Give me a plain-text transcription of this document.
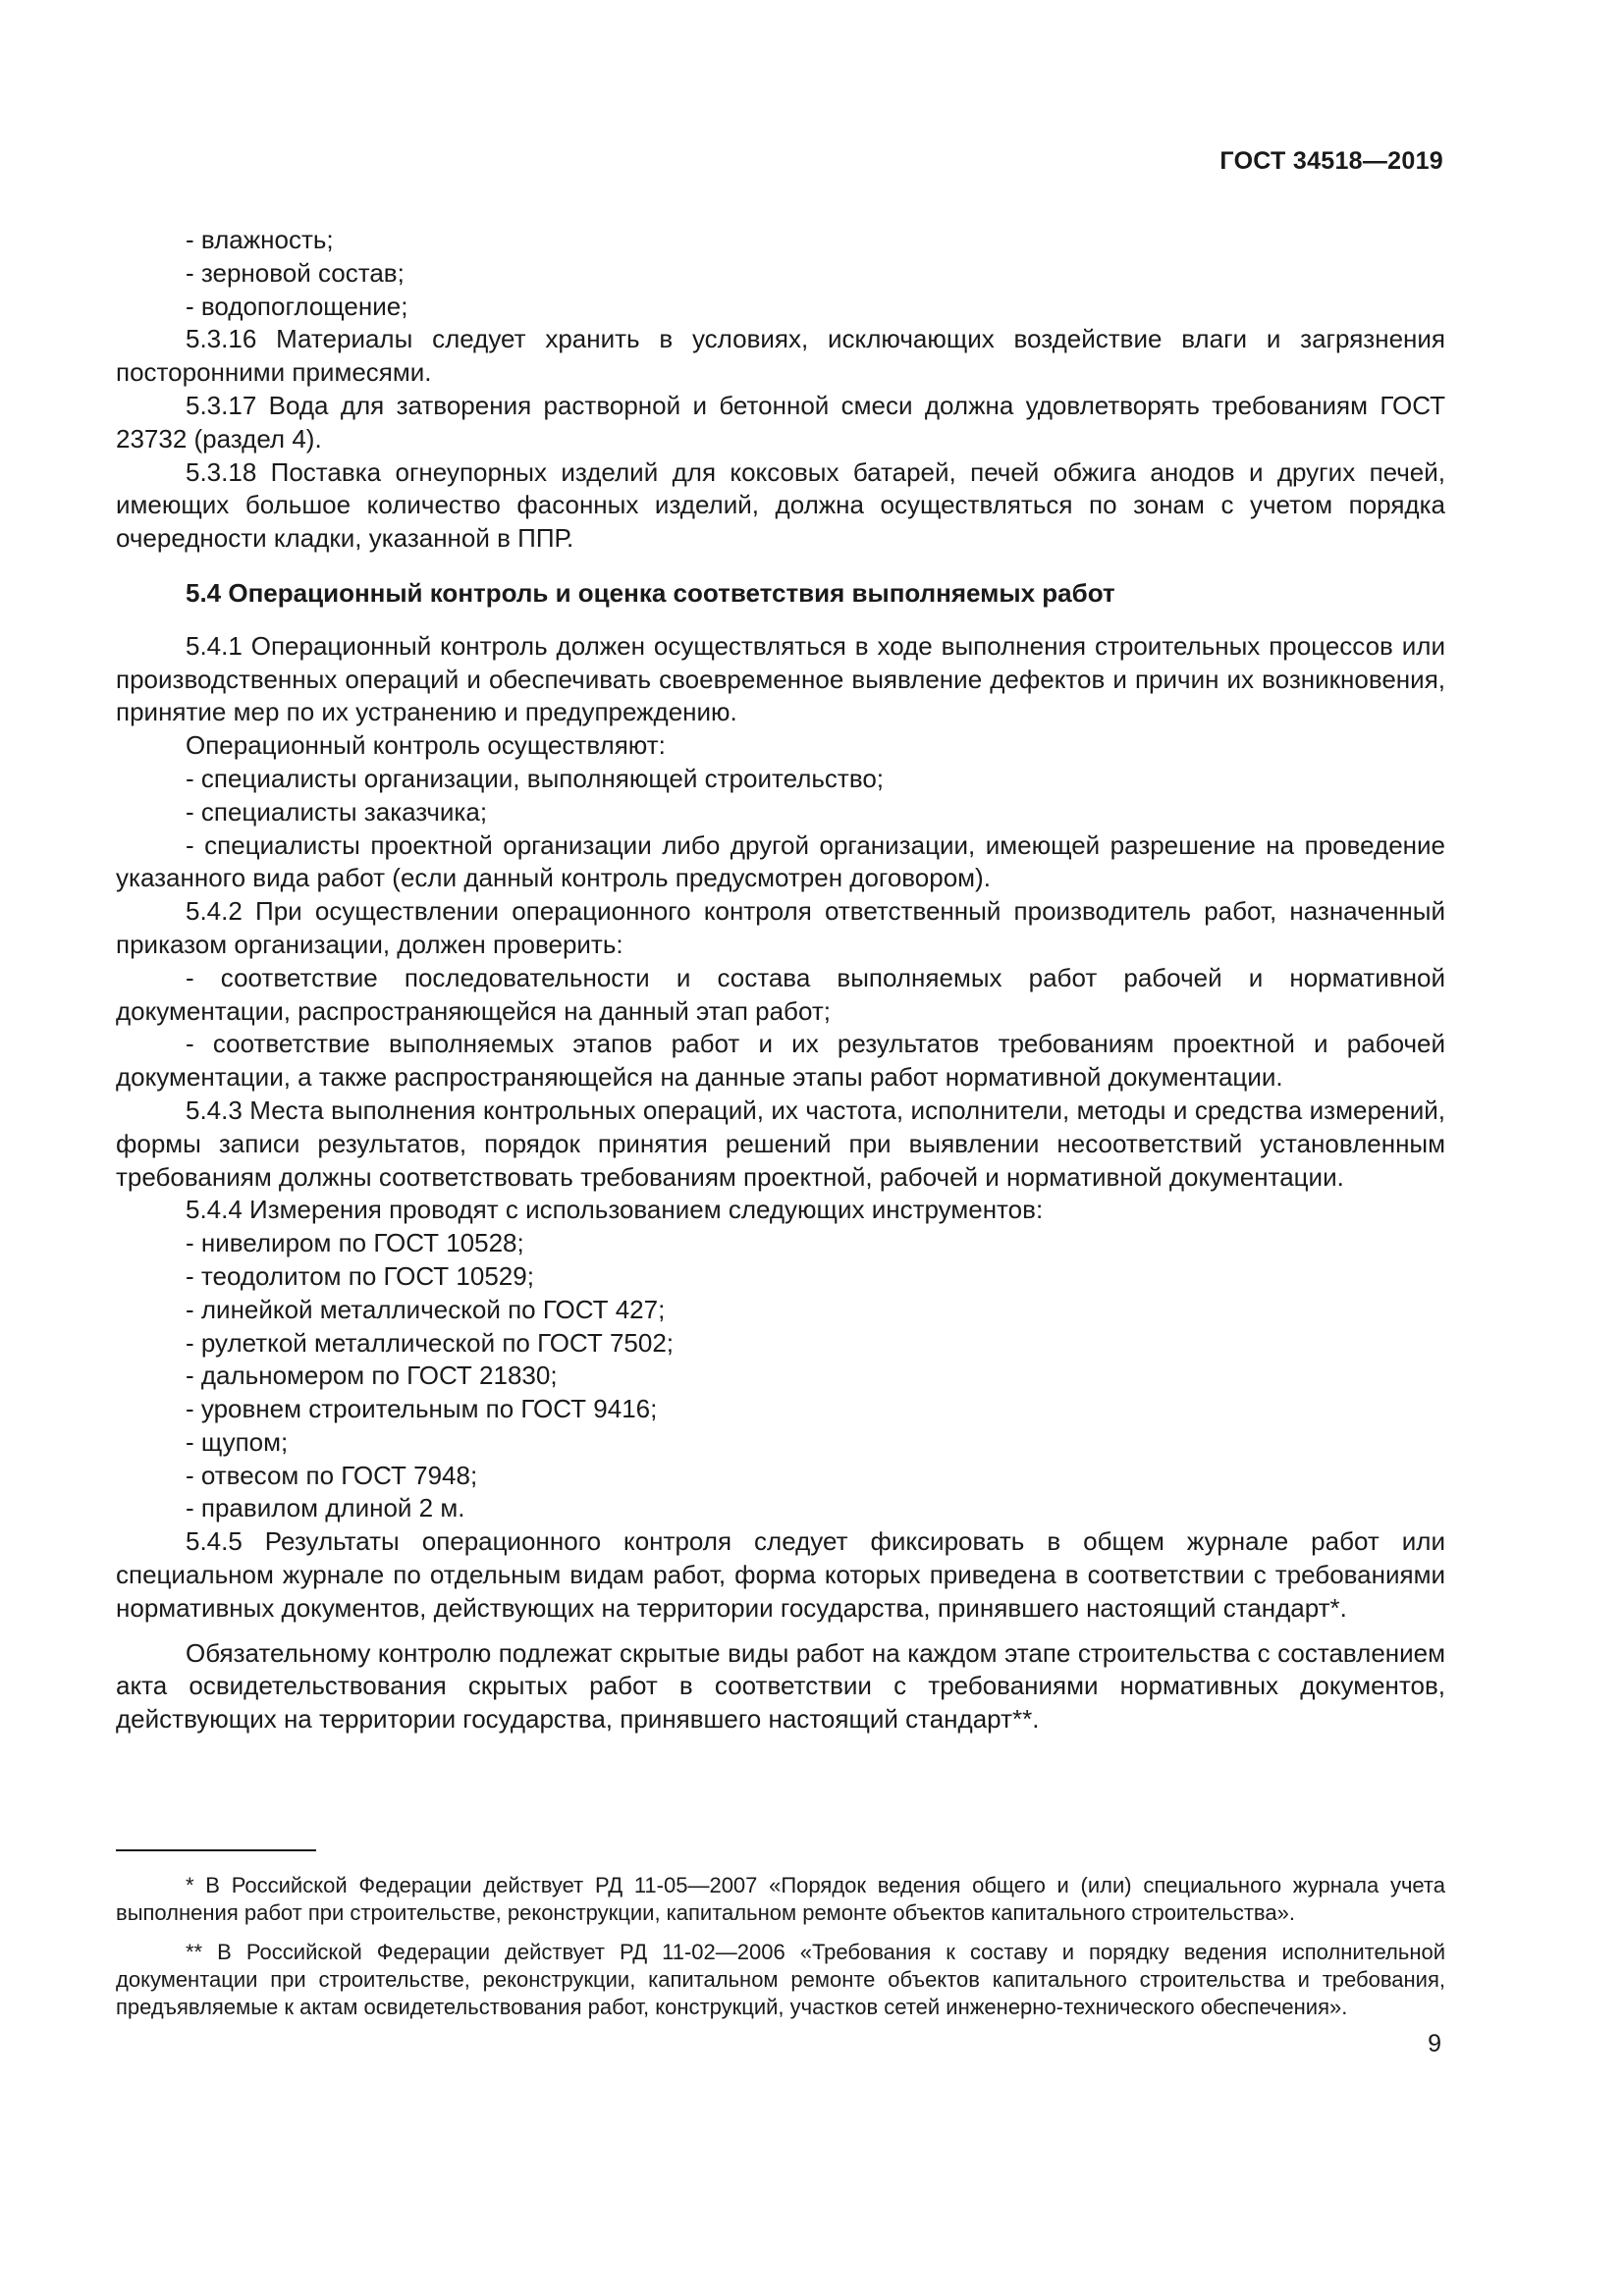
ГОСТ 34518—2019

- влажность;

- зерновой состав;

- водопоглощение;

5.3.16 Материалы следует хранить в условиях, исключающих воздействие влаги и загрязнения посторонними примесями.

5.3.17 Вода для затворения растворной и бетонной смеси должна удовлетворять требованиям ГОСТ 23732 (раздел 4).

5.3.18 Поставка огнеупорных изделий для коксовых батарей, печей обжига анодов и других печей, имеющих большое количество фасонных изделий, должна осуществляться по зонам с учетом порядка очередности кладки, указанной в ППР.

5.4 Операционный контроль и оценка соответствия выполняемых работ

5.4.1 Операционный контроль должен осуществляться в ходе выполнения строительных процессов или производственных операций и обеспечивать своевременное выявление дефектов и причин их возникновения, принятие мер по их устранению и предупреждению.

Операционный контроль осуществляют:

- специалисты организации, выполняющей строительство;

- специалисты заказчика;

- специалисты проектной организации либо другой организации, имеющей разрешение на проведение указанного вида работ (если данный контроль предусмотрен договором).

5.4.2 При осуществлении операционного контроля ответственный производитель работ, назначенный приказом организации, должен проверить:

- соответствие последовательности и состава выполняемых работ рабочей и нормативной документации, распространяющейся на данный этап работ;

- соответствие выполняемых этапов работ и их результатов требованиям проектной и рабочей документации, а также распространяющейся на данные этапы работ нормативной документации.

5.4.3 Места выполнения контрольных операций, их частота, исполнители, методы и средства измерений, формы записи результатов, порядок принятия решений при выявлении несоответствий установленным требованиям должны соответствовать требованиям проектной, рабочей и нормативной документации.

5.4.4 Измерения проводят с использованием следующих инструментов:

- нивелиром по ГОСТ 10528;

- теодолитом по ГОСТ 10529;

- линейкой металлической по ГОСТ 427;

- рулеткой металлической по ГОСТ 7502;

- дальномером по ГОСТ 21830;

- уровнем строительным по ГОСТ 9416;

- щупом;

- отвесом по ГОСТ 7948;

- правилом длиной 2 м.

5.4.5 Результаты операционного контроля следует фиксировать в общем журнале работ или специальном журнале по отдельным видам работ, форма которых приведена в соответствии с требованиями нормативных документов, действующих на территории государства, принявшего настоящий стандарт*.

Обязательному контролю подлежат скрытые виды работ на каждом этапе строительства с составлением акта освидетельствования скрытых работ в соответствии с требованиями нормативных документов, действующих на территории государства, принявшего настоящий стандарт**.

* В Российской Федерации действует РД 11-05—2007 «Порядок ведения общего и (или) специального журнала учета выполнения работ при строительстве, реконструкции, капитальном ремонте объектов капитального строительства».

** В Российской Федерации действует РД 11-02—2006 «Требования к составу и порядку ведения исполнительной документации при строительстве, реконструкции, капитальном ремонте объектов капитального строительства и требования, предъявляемые к актам освидетельствования работ, конструкций, участков сетей инженерно-технического обеспечения».

9
